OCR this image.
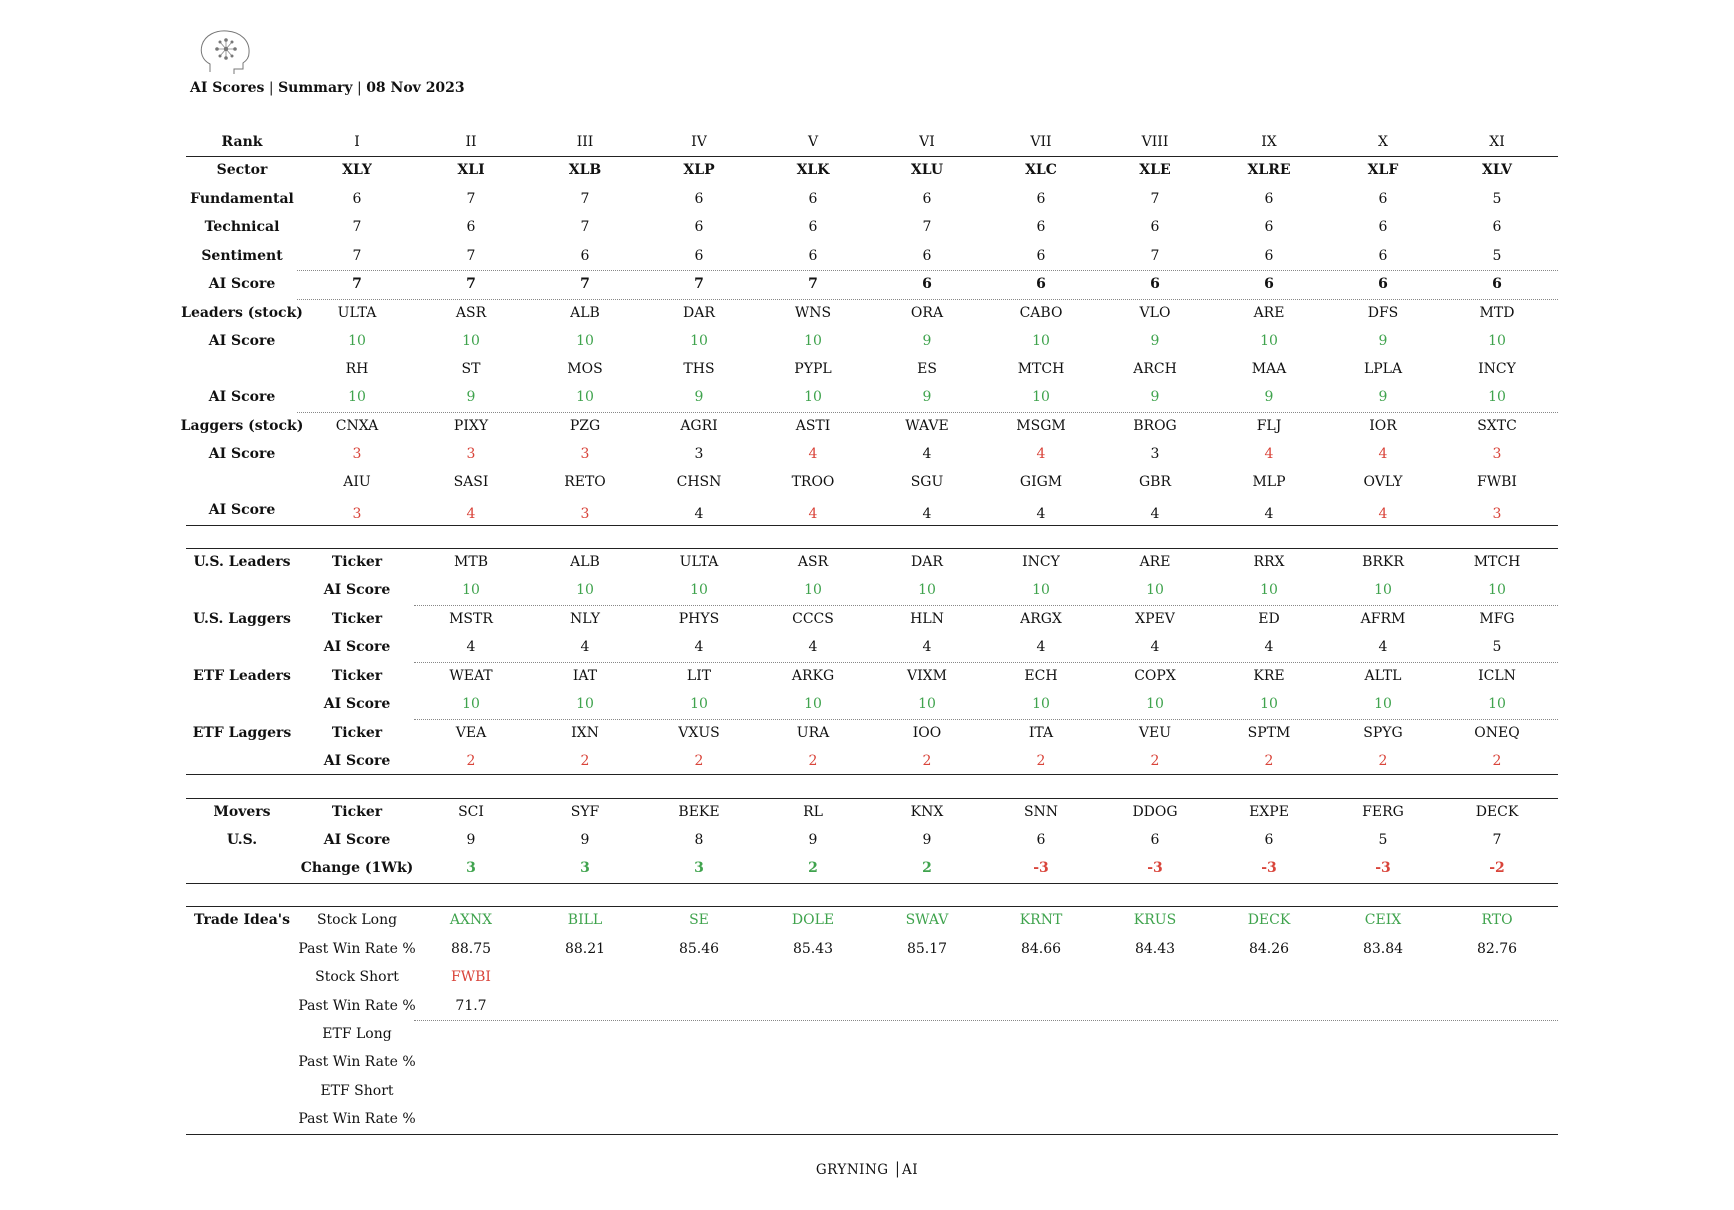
AI Scores | Summary | 08 Nov 2023
Rank	I	II	III	IV	V	VI	VII	VIII	IX	X	XI
Sector	XLY	XLI	XLB	XLP	XLK	XLU	XLC	XLE	XLRE	XLF	XLV
Fundamental	6	7	7	6	6	6	6	7	6	6	5
Technical	7	6	7	6	6	7	6	6	6	6	6
Sentiment	7	7	6	6	6	6	6	7	6	6	5
AI Score	7	7	7	7	7	6	6	6	6	6	6
Leaders (stock) ULTA	ASR	ALB	DAR	WNS	ORA	CABO	VLO	ARE	DFS	MTD
AI Score	10	10	10	10	10	9	10	9	10	9	10
RH	ST	MOS	THS	PYPL	ES	MTCH	ARCH	MAA	LPLA	INCY
AI Score	10	9	10	9	10	9	10	9	9	9	10
Laggers (stock) CNXA	PIXY	PZG	AGRI	ASTI	WAVE	MSGM	BROG	FLJ	IOR	SXTC
AI Score	3	3	3	3	4	4	4	3	4	4	3
AIU	SASI	RETO	CHSN	TROO	SGU	GIGM	GBR	MLP	OVLY	FWBI
AI Score	3	4	3	4	4	4	4	4	4	4	3
U.S. Leaders	Ticker	MTB	ALB	ULTA	ASR	DAR	INCY	ARE	RRX	BRKR	MTCH
AI Score	10	10	10	10	10	10	10	10	10	10
U.S. Laggers	Ticker	MSTR	NLY	PHYS	CCCS	HLN	ARGX	XPEV	ED	AFRM	MFG
AI Score	4	4	4	4	4	4	4	4	4	5
ETF Leaders	Ticker	WEAT	IAT	LIT	ARKG	VIXM	ECH	COPX	KRE	ALTL	ICLN
AI Score	10	10	10	10	10	10	10	10	10	10
ETF Laggers	Ticker	VEA	IXN	VXUS	URA	IOO	ITA	VEU	SPTM	SPYG	ONEQ
AI Score	2	2	2	2	2	2	2	2	2	2
Movers
U.S.
Ticker	SCI	SYF	BEKE	RL	KNX	SNN	DDOG	EXPE	FERG	DECK
AI Score	9	9	8	9	9	6	6	6	5	7
Change (1Wk)	3	3	3	2	2	-3	-3	-3	-3	-2
Trade Idea's Stock Long	AXNX	BILL	SE	DOLE	SWAV	KRNT	KRUS	DECK	CEIX	RTO
Past Win Rate %	88.75	88.21	85.46	85.43	85.17	84.66	84.43	84.26	83.84	82.76
Stock Short	FWBI
Past Win Rate %	71.7
ETF Long
Past Win Rate %
ETF Short
Past Win Rate %
GRYNING │AI
